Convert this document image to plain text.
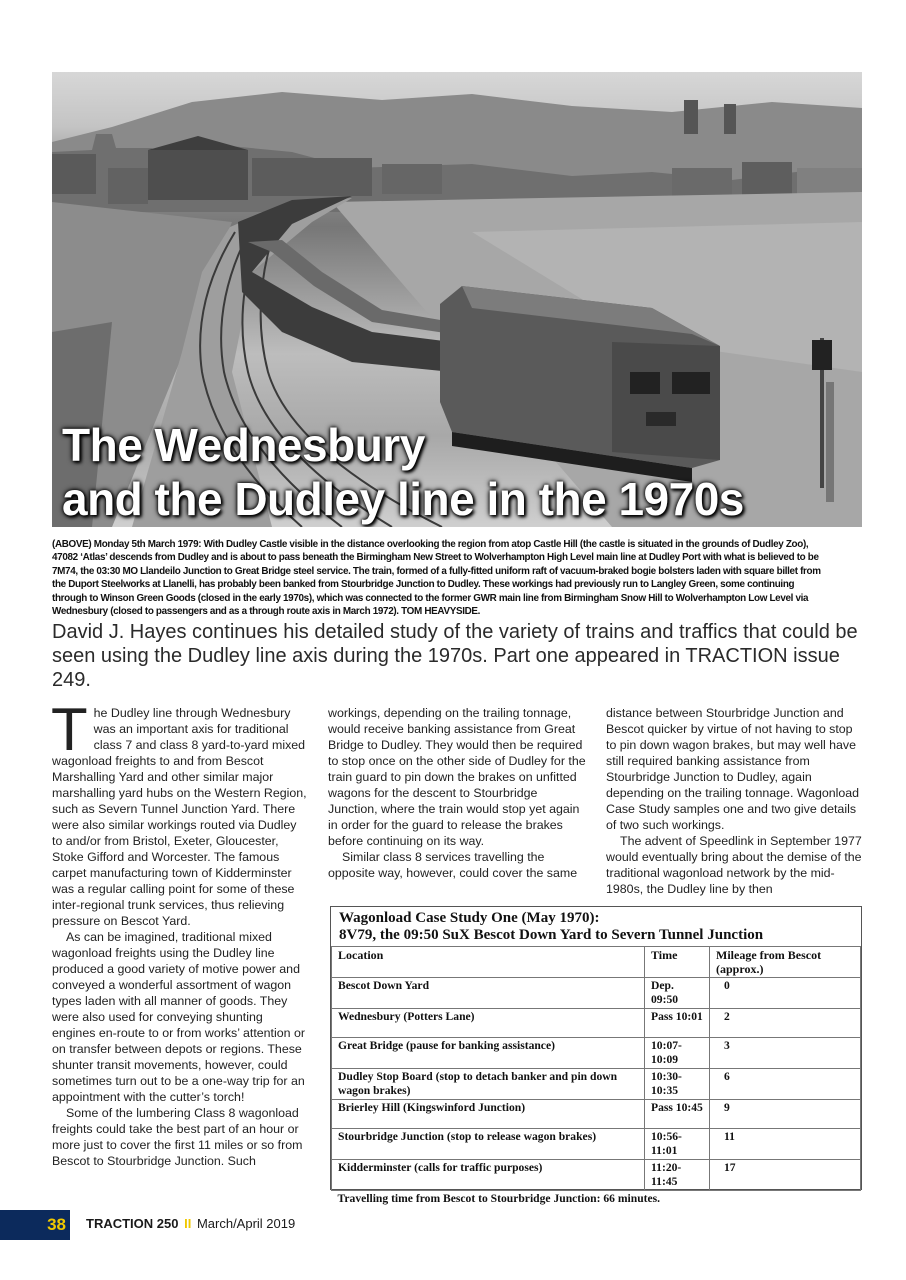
The Wednesbury
and the Dudley line in the 1970s

(ABOVE) Monday 5th March 1979: With Dudley Castle visible in the distance overlooking the region from atop Castle Hill (the castle is situated in the grounds of Dudley Zoo), 47082 ‘Atlas’ descends from Dudley and is about to pass beneath the Birmingham New Street to Wolverhampton High Level main line at Dudley Port with what is believed to be 7M74, the 03:30 MO Llandeilo Junction to Great Bridge steel service. The train, formed of a fully-fitted uniform raft of vacuum-braked bogie bolsters laden with square billet from the Duport Steelworks at Llanelli, has probably been banked from Stourbridge Junction to Dudley. These workings had previously run to Langley Green, some continuing through to Winson Green Goods (closed in the early 1970s), which was connected to the former GWR main line from Birmingham Snow Hill to Wolverhampton Low Level via Wednesbury (closed to passengers and as a through route axis in March 1972). TOM HEAVYSIDE.

David J. Hayes continues his detailed study of the variety of trains and traffics that could be seen using the Dudley line axis during the 1970s. Part one appeared in TRACTION issue 249.

The Dudley line through Wednesbury was an important axis for traditional class 7 and class 8 yard-to-yard mixed wagonload freights to and from Bescot Marshalling Yard and other similar major marshalling yard hubs on the Western Region, such as Severn Tunnel Junction Yard. There were also similar workings routed via Dudley to and/or from Bristol, Exeter, Gloucester, Stoke Gifford and Worcester. The famous carpet manufacturing town of Kidderminster was a regular calling point for some of these inter-regional trunk services, thus relieving pressure on Bescot Yard.

As can be imagined, traditional mixed wagonload freights using the Dudley line produced a good variety of motive power and conveyed a wonderful assortment of wagon types laden with all manner of goods. They were also used for conveying shunting engines en-route to or from works’ attention or on transfer between depots or regions. These shunter transit movements, however, could sometimes turn out to be a one-way trip for an appointment with the cutter’s torch!

Some of the lumbering Class 8 wagonload freights could take the best part of an hour or more just to cover the first 11 miles or so from Bescot to Stourbridge Junction. Such

workings, depending on the trailing tonnage, would receive banking assistance from Great Bridge to Dudley. They would then be required to stop once on the other side of Dudley for the train guard to pin down the brakes on unfitted wagons for the descent to Stourbridge Junction, where the train would stop yet again in order for the guard to release the brakes before continuing on its way.

Similar class 8 services travelling the opposite way, however, could cover the same

distance between Stourbridge Junction and Bescot quicker by virtue of not having to stop to pin down wagon brakes, but may well have still required banking assistance from Stourbridge Junction to Dudley, again depending on the trailing tonnage. Wagonload Case Study samples one and two give details of two such workings.

The advent of Speedlink in September 1977 would eventually bring about the demise of the traditional wagonload network by the mid-1980s, the Dudley line by then

Wagonload Case Study One (May 1970):
8V79, the 09:50 SuX Bescot Down Yard to Severn Tunnel Junction
Location	Time	Mileage from Bescot (approx.)
Bescot Down Yard	Dep. 09:50	0
Wednesbury (Potters Lane)	Pass 10:01	2
Great Bridge (pause for banking assistance)	10:07-10:09	3
Dudley Stop Board (stop to detach banker and pin down wagon brakes)	10:30-10:35	6
Brierley Hill (Kingswinford Junction)	Pass 10:45	9
Stourbridge Junction (stop to release wagon brakes)	10:56-11:01	11
Kidderminster (calls for traffic purposes)	11:20-11:45	17
Travelling time from Bescot to Stourbridge Junction: 66 minutes.		
38 TRACTION 250 II March/April 2019
